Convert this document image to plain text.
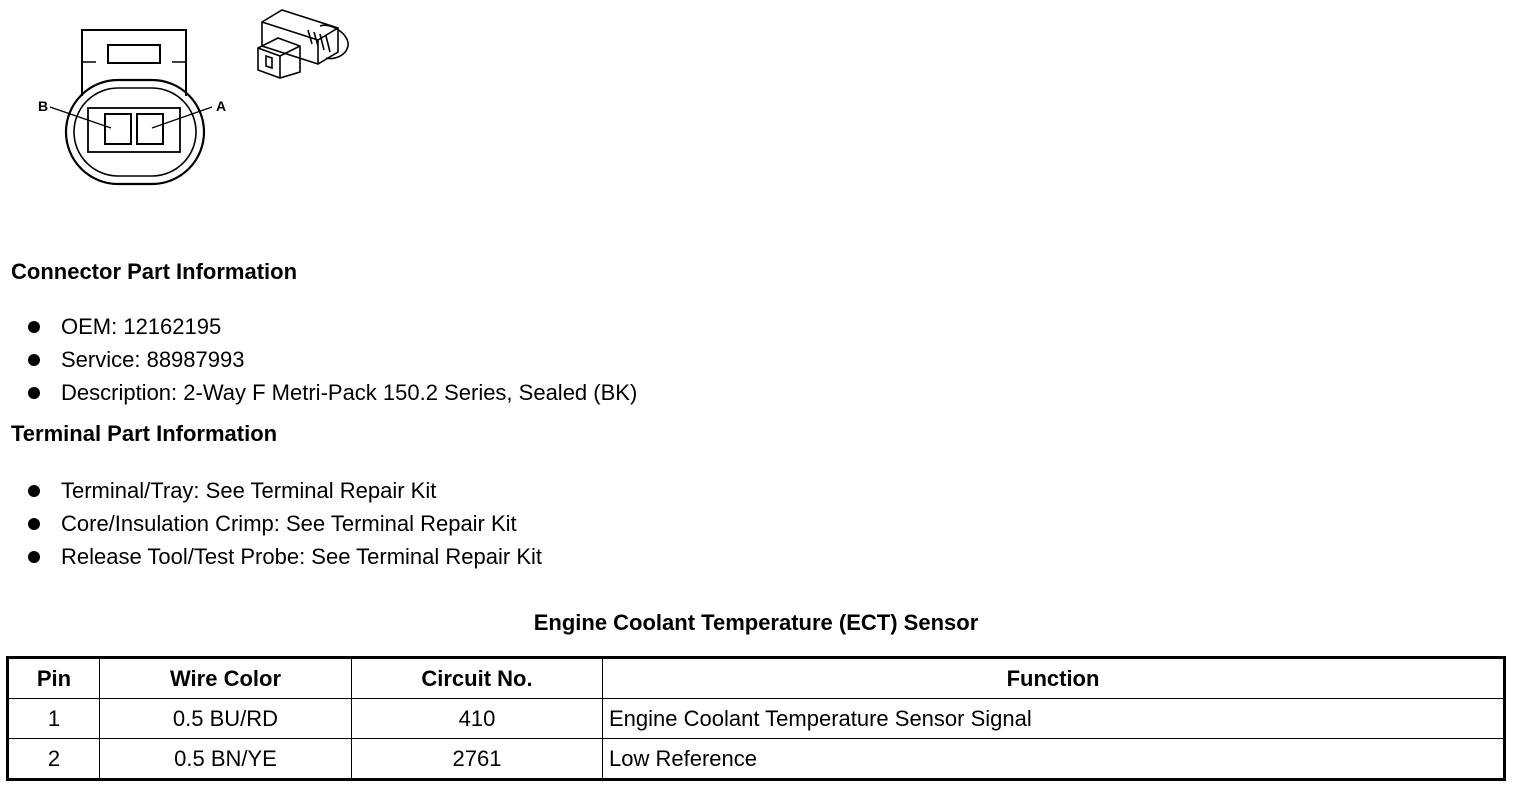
B	A
Connector Part Information
OEM: 12162195
Service: 88987993
Description: 2-Way F Metri-Pack 150.2 Series, Sealed (BK)
Terminal Part Information
Terminal/Tray: See Terminal Repair Kit
Core/Insulation Crimp: See Terminal Repair Kit
Release Tool/Test Probe: See Terminal Repair Kit
Engine Coolant Temperature (ECT) Sensor
Pin	Wire Color	Circuit No.	Function
1	0.5 BU/RD	410	Engine Coolant Temperature Sensor Signal
2	0.5 BN/YE	2761	Low Reference
